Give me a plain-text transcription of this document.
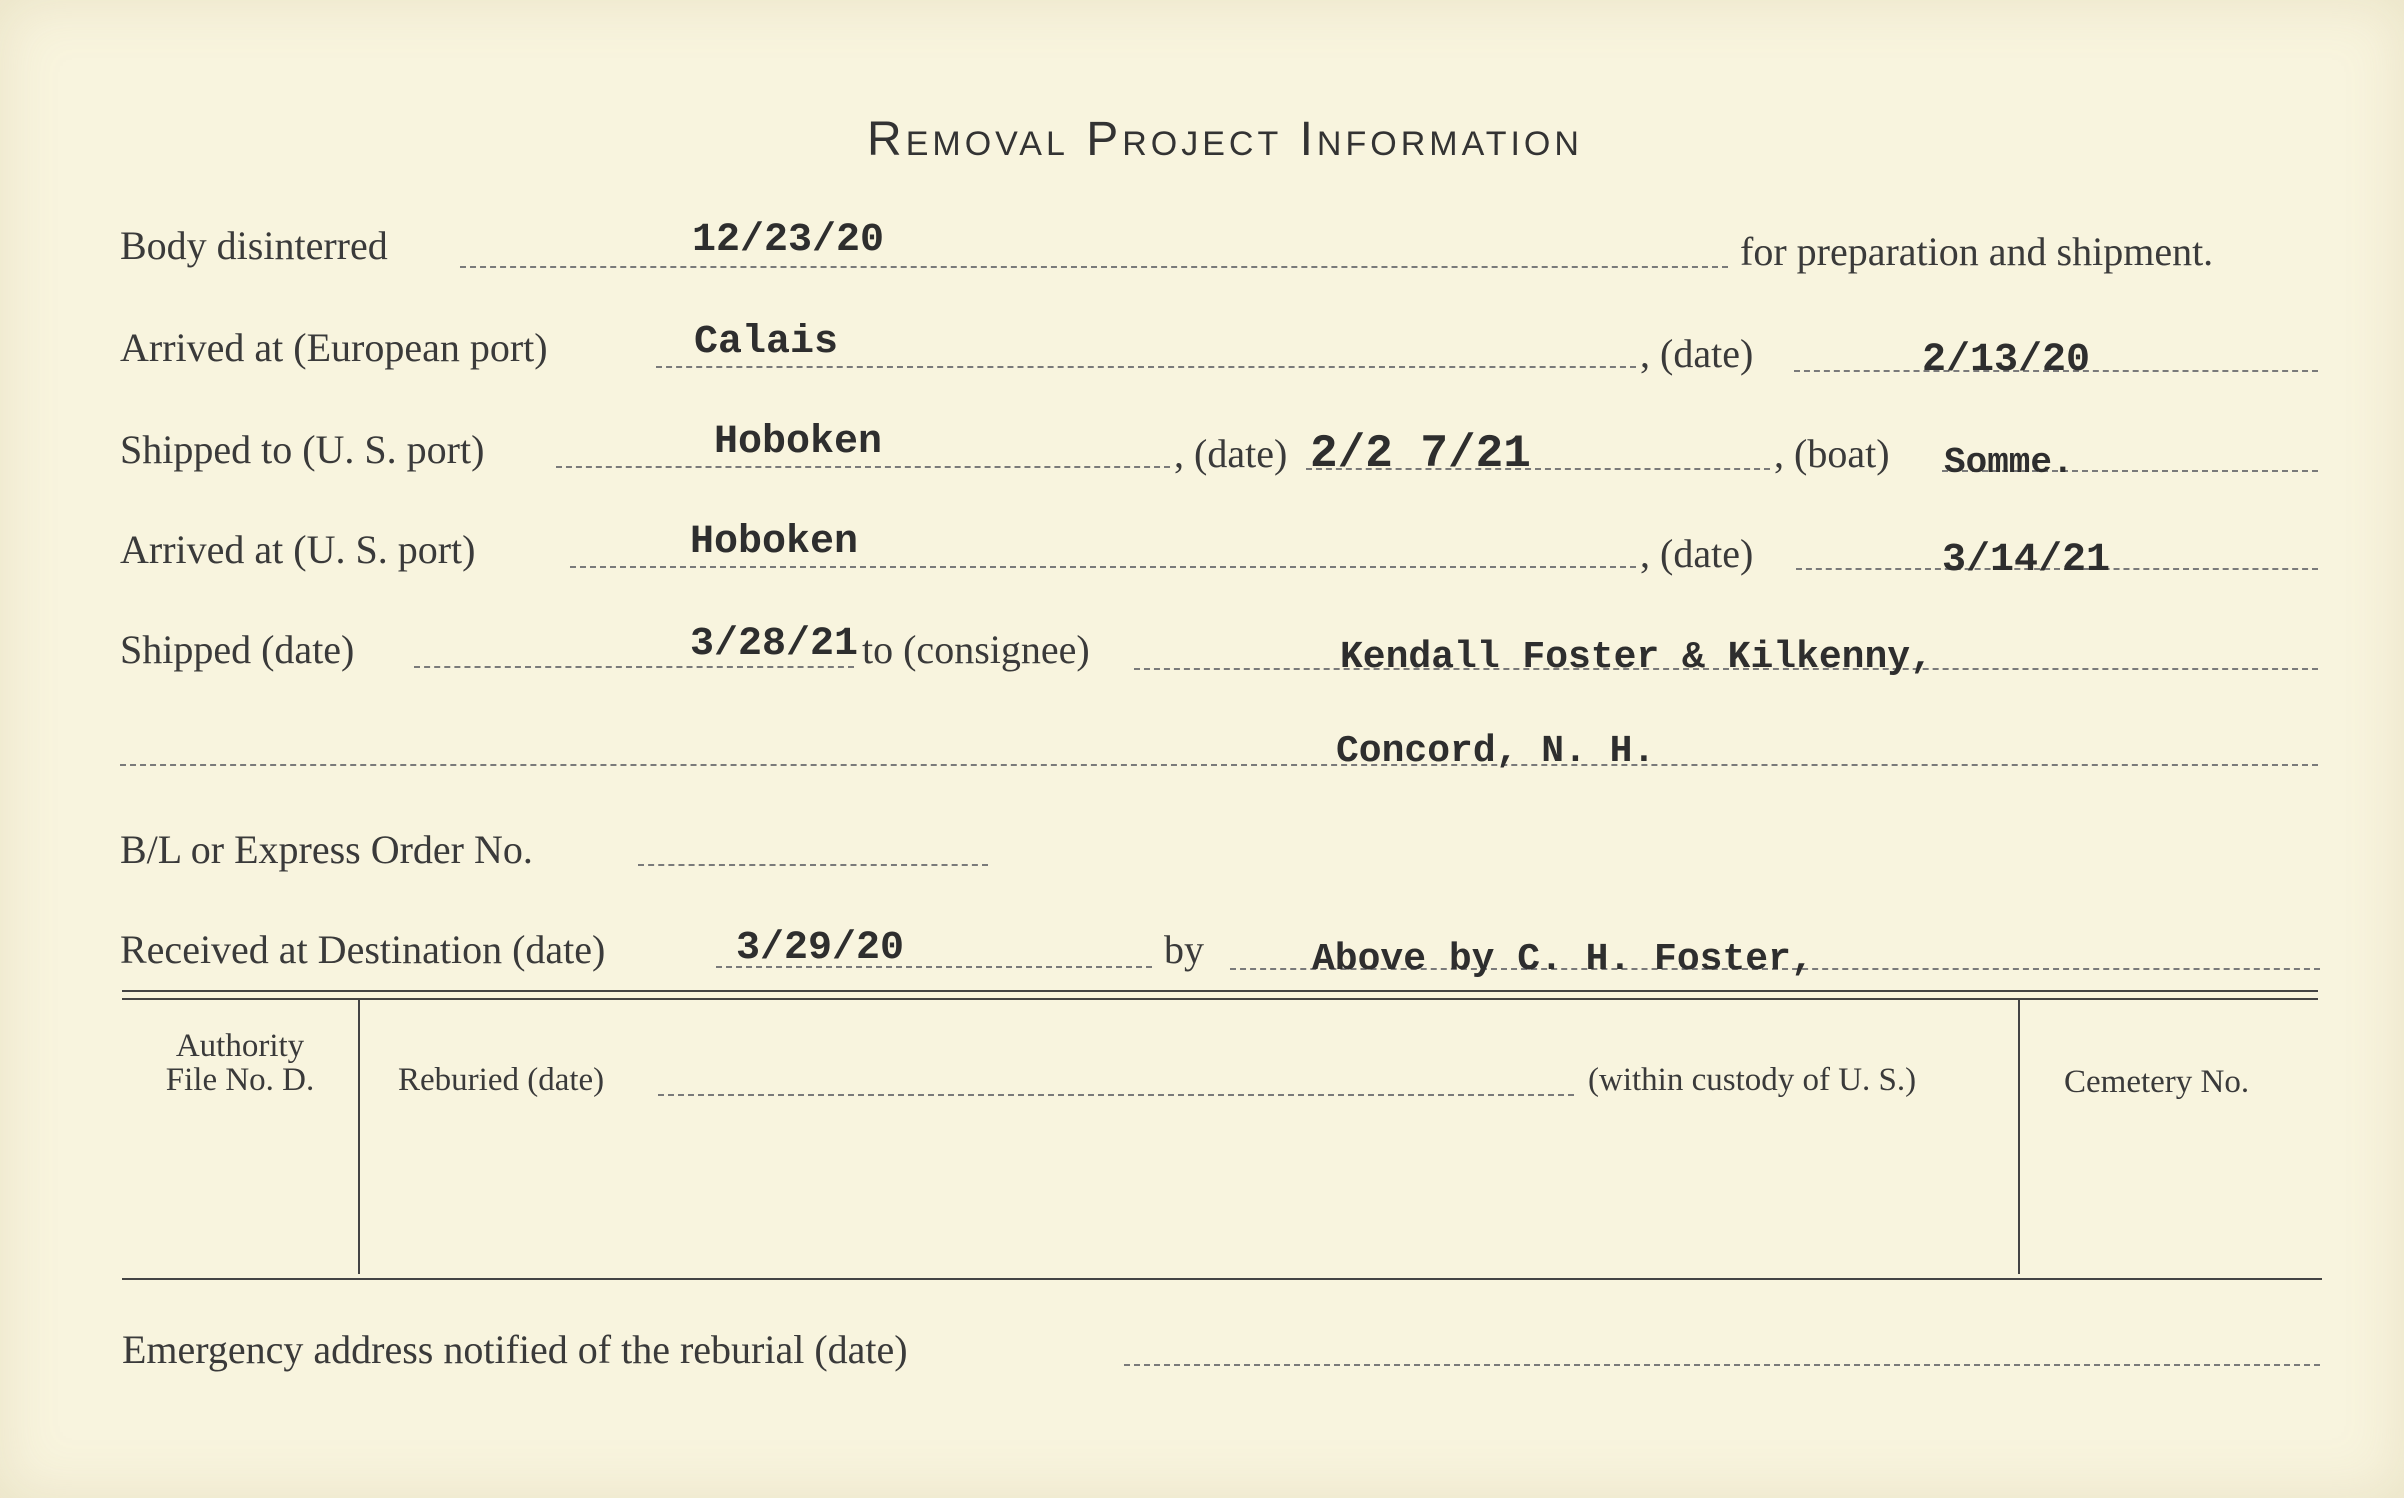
Removal Project Information
Body disinterred	12/23/20	for preparation and shipment.
Arrived at (European port)	Calais	, (date)	2/13/20
Shipped to (U. S. port)	Hoboken	, (date) 2/2 7/21	, (boat) Somme.
Arrived at (U. S. port)	Hoboken	, (date)	3/14/21
Shipped (date)	3/28/21 to (consignee)	Kendall Foster & Kilkenny,
Concord, N. H.
B/L or Express Order No.
Received at Destination (date)	3/29/20	by	Above by C. H. Foster,
Authority
File No. D.	Reburied (date)	(within custody of U. S.)	Cemetery No.
Emergency address notified of the reburial (date)
